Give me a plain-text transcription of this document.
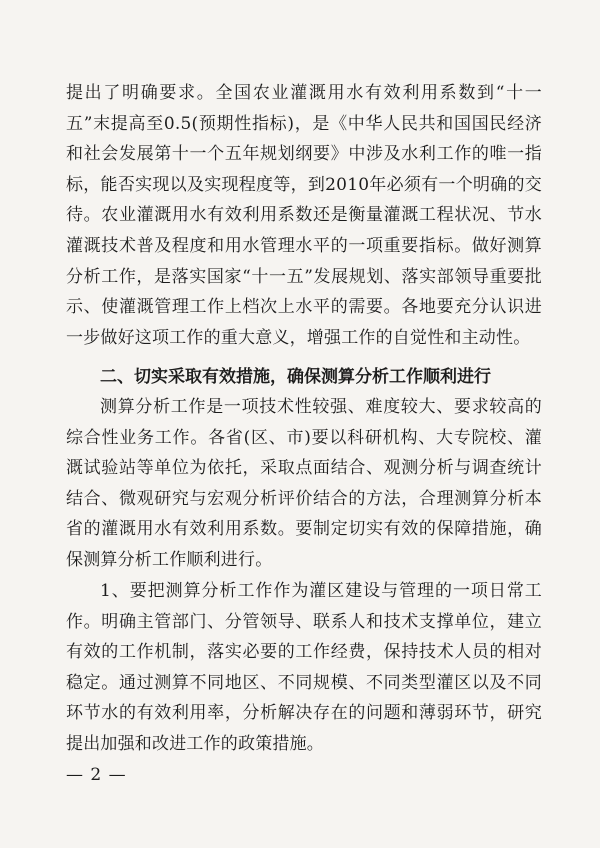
提出了明确要求。全国农业灌溉用水有效利用系数到“十一五”末提高至0.5(预期性指标)，是《中华人民共和国国民经济和社会发展第十一个五年规划纲要》中涉及水利工作的唯一指标，能否实现以及实现程度等，到2010年必须有一个明确的交待。农业灌溉用水有效利用系数还是衡量灌溉工程状况、节水灌溉技术普及程度和用水管理水平的一项重要指标。做好测算分析工作，是落实国家“十一五”发展规划、落实部领导重要批示、使灌溉管理工作上档次上水平的需要。各地要充分认识进一步做好这项工作的重大意义，增强工作的自觉性和主动性。

二、切实采取有效措施，确保测算分析工作顺利进行

测算分析工作是一项技术性较强、难度较大、要求较高的综合性业务工作。各省(区、市)要以科研机构、大专院校、灌溉试验站等单位为依托，采取点面结合、观测分析与调查统计结合、微观研究与宏观分析评价结合的方法，合理测算分析本省的灌溉用水有效利用系数。要制定切实有效的保障措施，确保测算分析工作顺利进行。

1、要把测算分析工作作为灌区建设与管理的一项日常工作。明确主管部门、分管领导、联系人和技术支撑单位，建立有效的工作机制，落实必要的工作经费，保持技术人员的相对稳定。通过测算不同地区、不同规模、不同类型灌区以及不同环节水的有效利用率，分析解决存在的问题和薄弱环节，研究提出加强和改进工作的政策措施。

— 2 —
